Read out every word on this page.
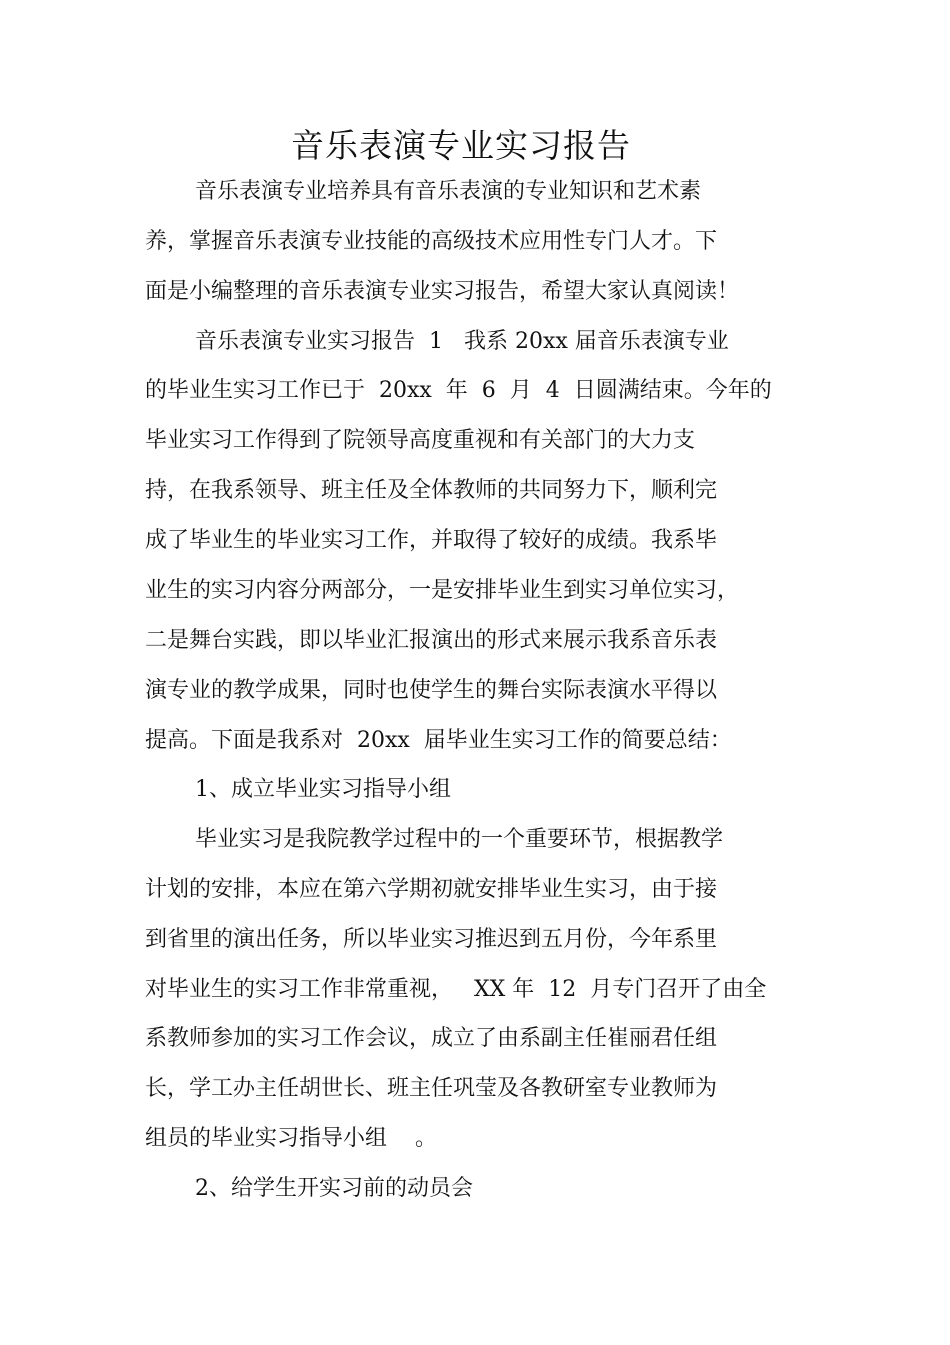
音乐表演专业实习报告
音乐表演专业培养具有音乐表演的专业知识和艺术素
养，掌握音乐表演专业技能的高级技术应用性专门人才。下
面是小编整理的音乐表演专业实习报告，希望大家认真阅读！
音乐表演专业实习报告  1   我系 20xx 届音乐表演专业
的毕业生实习工作已于  20xx  年  6  月  4  日圆满结束。今年的
毕业实习工作得到了院领导高度重视和有关部门的大力支
持，在我系领导、班主任及全体教师的共同努力下，顺利完
成了毕业生的毕业实习工作，并取得了较好的成绩。我系毕
业生的实习内容分两部分，一是安排毕业生到实习单位实习，
二是舞台实践，即以毕业汇报演出的形式来展示我系音乐表
演专业的教学成果，同时也使学生的舞台实际表演水平得以
提高。下面是我系对  20xx  届毕业生实习工作的简要总结：
1、成立毕业实习指导小组
毕业实习是我院教学过程中的一个重要环节，根据教学
计划的安排，本应在第六学期初就安排毕业生实习，由于接
到省里的演出任务，所以毕业实习推迟到五月份，今年系里
对毕业生的实习工作非常重视，   XX 年  12  月专门召开了由全
系教师参加的实习工作会议，成立了由系副主任崔丽君任组
长，学工办主任胡世长、班主任巩莹及各教研室专业教师为
组员的毕业实习指导小组    。
2、给学生开实习前的动员会
